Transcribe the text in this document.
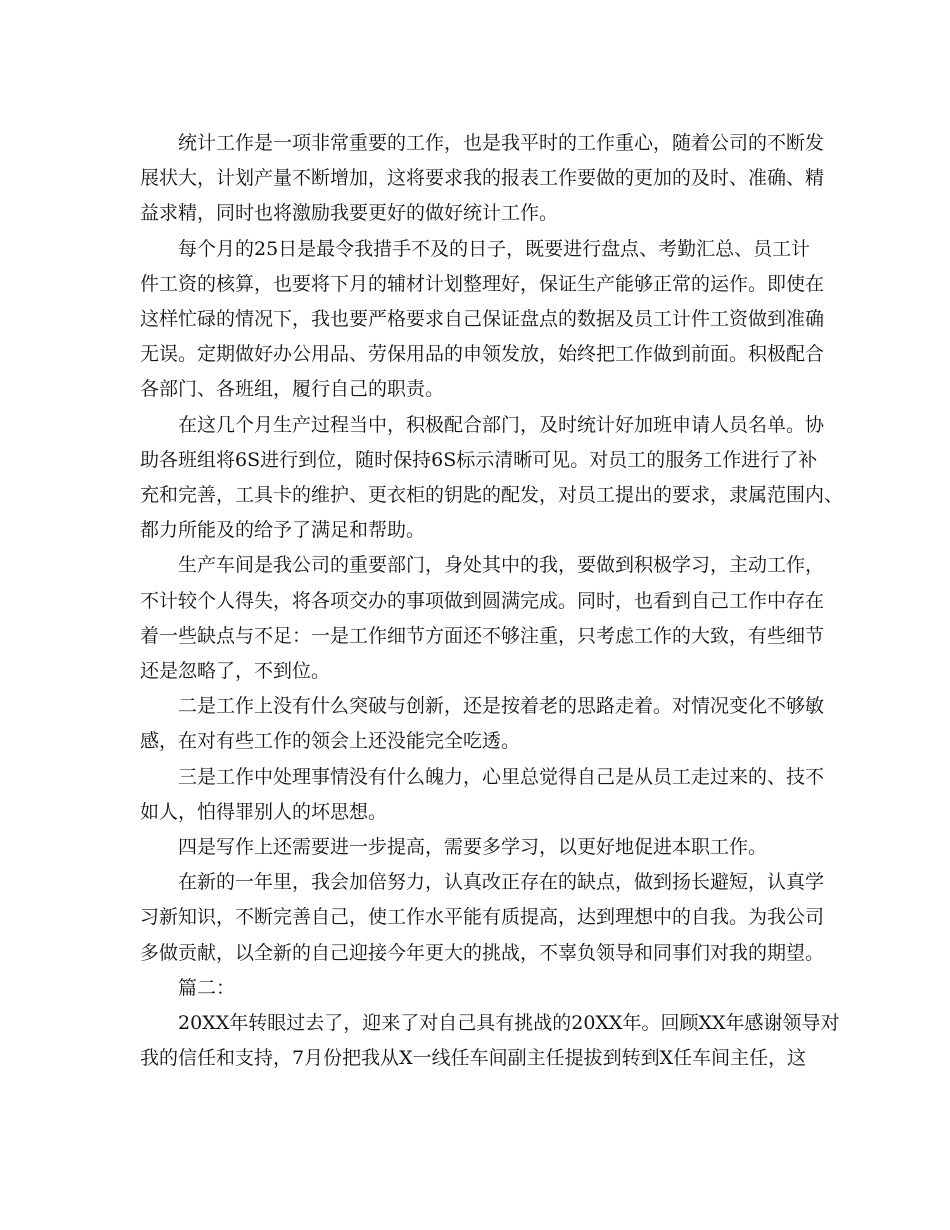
统计工作是一项非常重要的工作，也是我平时的工作重心，随着公司的不断发
展状大，计划产量不断增加，这将要求我的报表工作要做的更加的及时、准确、精
益求精，同时也将激励我要更好的做好统计工作。
每个月的25日是最令我措手不及的日子，既要进行盘点、考勤汇总、员工计
件工资的核算，也要将下月的辅材计划整理好，保证生产能够正常的运作。即使在
这样忙碌的情况下，我也要严格要求自己保证盘点的数据及员工计件工资做到准确
无误。定期做好办公用品、劳保用品的申领发放，始终把工作做到前面。积极配合
各部门、各班组，履行自己的职责。
在这几个月生产过程当中，积极配合部门，及时统计好加班申请人员名单。协
助各班组将6S进行到位，随时保持6S标示清晰可见。对员工的服务工作进行了补
充和完善，工具卡的维护、更衣柜的钥匙的配发，对员工提出的要求，隶属范围内、
都力所能及的给予了满足和帮助。
生产车间是我公司的重要部门，身处其中的我，要做到积极学习，主动工作，
不计较个人得失，将各项交办的事项做到圆满完成。同时，也看到自己工作中存在
着一些缺点与不足：一是工作细节方面还不够注重，只考虑工作的大致，有些细节
还是忽略了，不到位。
二是工作上没有什么突破与创新，还是按着老的思路走着。对情况变化不够敏
感，在对有些工作的领会上还没能完全吃透。
三是工作中处理事情没有什么魄力，心里总觉得自己是从员工走过来的、技不
如人，怕得罪别人的坏思想。
四是写作上还需要进一步提高，需要多学习，以更好地促进本职工作。
在新的一年里，我会加倍努力，认真改正存在的缺点，做到扬长避短，认真学
习新知识，不断完善自己，使工作水平能有质提高，达到理想中的自我。为我公司
多做贡献，以全新的自己迎接今年更大的挑战，不辜负领导和同事们对我的期望。
篇二：
20XX年转眼过去了，迎来了对自己具有挑战的20XX年。回顾XX年感谢领导对
我的信任和支持，7月份把我从X一线任车间副主任提拔到转到X任车间主任，这
